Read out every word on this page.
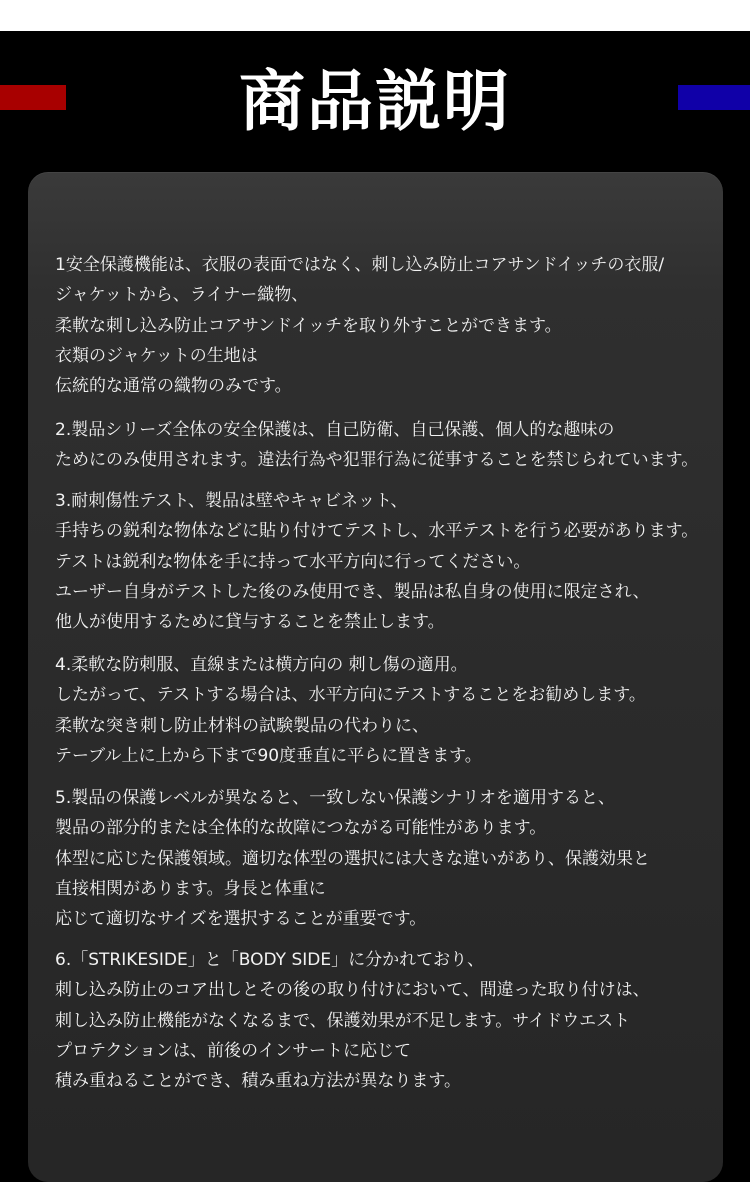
商品説明
1安全保護機能は、衣服の表面ではなく、刺し込み防止コアサンドイッチの衣服/
ジャケットから、ライナー織物、
柔軟な刺し込み防止コアサンドイッチを取り外すことができます。
衣類のジャケットの生地は
伝統的な通常の織物のみです。
2.製品シリーズ全体の安全保護は、自己防衛、自己保護、個人的な趣味の
ためにのみ使用されます。違法行為や犯罪行為に従事することを禁じられています。
3.耐刺傷性テスト、製品は壁やキャビネット、
手持ちの鋭利な物体などに貼り付けてテストし、水平テストを行う必要があります。
テストは鋭利な物体を手に持って水平方向に行ってください。
ユーザー自身がテストした後のみ使用でき、製品は私自身の使用に限定され、
他人が使用するために貸与することを禁止します。
4.柔軟な防刺服、直線または横方向の 刺し傷の適用。
したがって、テストする場合は、水平方向にテストすることをお勧めします。
柔軟な突き刺し防止材料の試験製品の代わりに、
テーブル上に上から下まで90度垂直に平らに置きます。
5.製品の保護レベルが異なると、一致しない保護シナリオを適用すると、
製品の部分的または全体的な故障につながる可能性があります。
体型に応じた保護領域。適切な体型の選択には大きな違いがあり、保護効果と
直接相関があります。身長と体重に
応じて適切なサイズを選択することが重要です。
6.「STRIKESIDE」と「BODY SIDE」に分かれており、
刺し込み防止のコア出しとその後の取り付けにおいて、間違った取り付けは、
刺し込み防止機能がなくなるまで、保護効果が不足します。サイドウエスト
プロテクションは、前後のインサートに応じて
積み重ねることができ、積み重ね方法が異なります。
